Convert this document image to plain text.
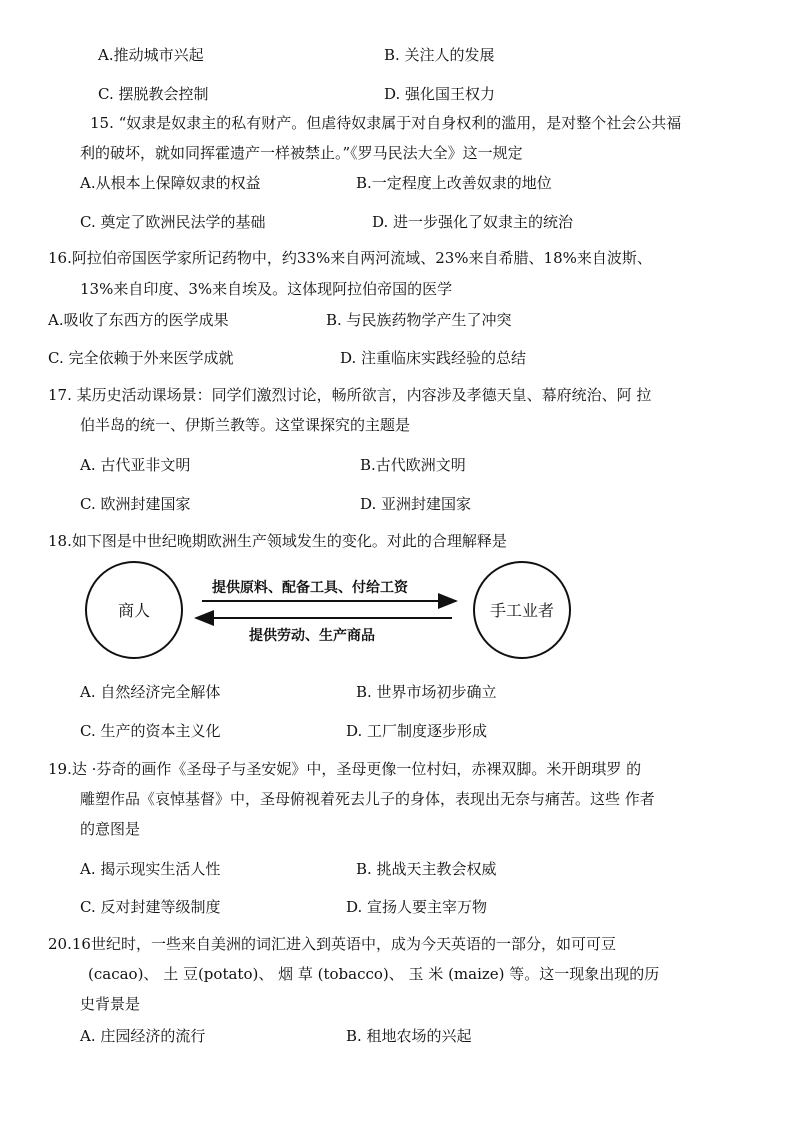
A.推动城市兴起	B. 关注人的发展
C. 摆脱教会控制	D. 强化国王权力
15. “奴隶是奴隶主的私有财产。但虐待奴隶属于对自身权利的滥用，是对整个社会公共福
利的破坏，就如同挥霍遗产一样被禁止。”《罗马民法大全》这一规定
A.从根本上保障奴隶的权益	B.一定程度上改善奴隶的地位
C. 奠定了欧洲民法学的基础	D. 进一步强化了奴隶主的统治
16.阿拉伯帝国医学家所记药物中，约33%来自两河流域、23%来自希腊、18%来自波斯、
13%来自印度、3%来自埃及。这体现阿拉伯帝国的医学
A.吸收了东西方的医学成果	B. 与民族药物学产生了冲突
C. 完全依赖于外来医学成就	D. 注重临床实践经验的总结
17. 某历史活动课场景：同学们激烈讨论，畅所欲言，内容涉及孝德天皇、幕府统治、阿 拉
伯半岛的统一、伊斯兰教等。这堂课探究的主题是
A. 古代亚非文明	B.古代欧洲文明
C. 欧洲封建国家	D. 亚洲封建国家
18.如下图是中世纪晚期欧洲生产领域发生的变化。对此的合理解释是
商人	手工业者
提供原料、配备工具、付给工资
提供劳动、生产商品
A. 自然经济完全解体	B. 世界市场初步确立
C. 生产的资本主义化	D. 工厂制度逐步形成
19.达 ·芬奇的画作《圣母子与圣安妮》中，圣母更像一位村妇，赤裸双脚。米开朗琪罗 的
雕塑作品《哀悼基督》中，圣母俯视着死去儿子的身体，表现出无奈与痛苦。这些 作者
的意图是
A. 揭示现实生活人性	B. 挑战天主教会权威
C. 反对封建等级制度	D. 宣扬人要主宰万物
20.16世纪时，一些来自美洲的词汇进入到英语中，成为今天英语的一部分，如可可豆
(cacao)、 土 豆(potato)、 烟 草 (tobacco)、 玉 米 (maize) 等。这一现象出现的历
史背景是
A. 庄园经济的流行	B. 租地农场的兴起
